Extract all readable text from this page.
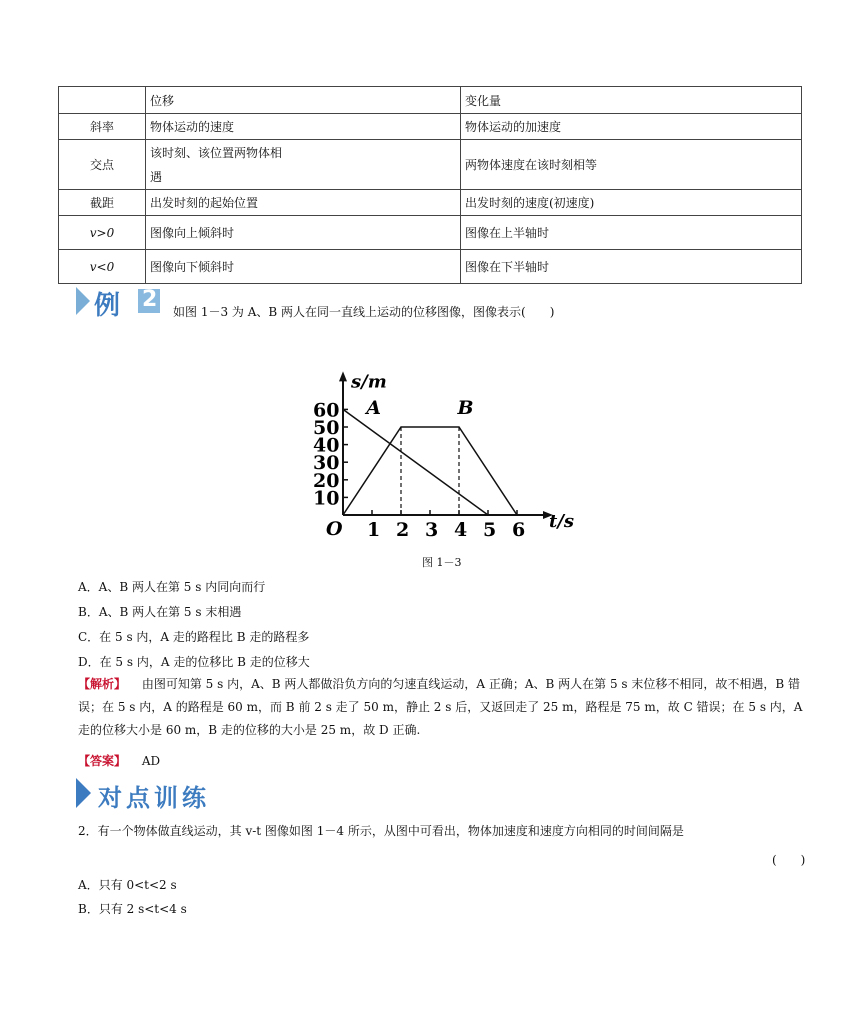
	位移	变化量
斜率	物体运动的速度	物体运动的加速度
交点	该时刻、该位置两物体相遇	两物体速度在该时刻相等
截距	出发时刻的起始位置	出发时刻的速度(初速度)
v>0	图像向上倾斜时	图像在上半轴时
v<0	图像向下倾斜时	图像在下半轴时
例 2 如图 1－3 为 A、B 两人在同一直线上运动的位移图像，图像表示(　　)
s/m
t/s
O 1 2 3 4 5 6
10
20
30
40
50
60 A	B
图 1－3
A．A、B 两人在第 5 s 内同向而行
B．A、B 两人在第 5 s 末相遇
C．在 5 s 内，A 走的路程比 B 走的路程多
D．在 5 s 内，A 走的位移比 B 走的位移大
【解析】  由图可知第 5 s 内，A、B 两人都做沿负方向的匀速直线运动，A 正确；A、B 两人在第 5 s 末位移不相同，故不相遇，B 错误；在 5 s 内，A 的路程是 60 m，而 B 前 2 s 走了 50 m，静止 2 s 后，又返回走了 25 m，路程是 75 m，故 C 错误；在 5 s 内，A 走的位移大小是 60 m，B 走的位移的大小是 25 m，故 D 正确.
【答案】  AD
对点训练
2．有一个物体做直线运动，其 v-t 图像如图 1－4 所示，从图中可看出，物体加速度和速度方向相同的时间间隔是
(　　)
A．只有 0<t<2 s
B．只有 2 s<t<4 s
